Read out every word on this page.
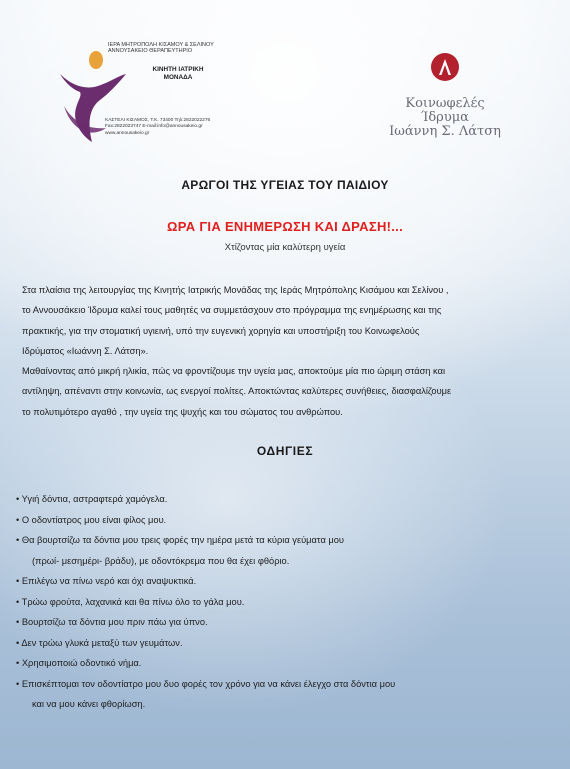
ΙΕΡΑ ΜΗΤΡΟΠΟΛΗ ΚΙΣΑΜΟΥ & ΣΕΛΙΝΟΥ
ΑΝΝΟΥΣΑΚΕΙΟ ΘΕΡΑΠΕΥΤΗΡΙΟ
ΚΙΝΗΤΗ ΙΑΤΡΙΚΗ
ΜΟΝΑΔΑ
ΚΑΣΤΕΛΙ ΚΙΣΑΜΟΣ, Τ.Κ. 73400 Τηλ:2822022276
Fax:2822023747 E-mail:info@annousakeio.gr
www.annousakeio.gr
Κοινωφελές Ίδρυμα
Ιωάννη Σ. Λάτση
ΑΡΩΓΟΙ ΤΗΣ ΥΓΕΙΑΣ ΤΟΥ ΠΑΙΔΙΟΥ
ΩΡΑ ΓΙΑ ΕΝΗΜΕΡΩΣΗ ΚΑΙ ΔΡΑΣΗ!...
Χτίζοντας μία καλύτερη υγεία

Στα πλαίσια της λειτουργίας της Κινητής Ιατρικής Μονάδας της Ιεράς Μητρόπολης Κισάμου και Σελίνου ,

το Αννουσάκειο Ίδρυμα καλεί τους μαθητές να συμμετάσχουν στο πρόγραμμα της ενημέρωσης και της

πρακτικής, για την στοματική υγιεινή, υπό την ευγενική χορηγία και υποστήριξη του Κοινωφελούς

Ιδρύματος «Ιωάννη Σ. Λάτση».

Μαθαίνοντας από μικρή ηλικία, πώς να φροντίζουμε την υγεία μας, αποκτούμε μία πιο ώριμη στάση και

αντίληψη, απέναντι στην κοινωνία, ως ενεργοί πολίτες. Αποκτώντας καλύτερες συνήθειες, διασφαλίζουμε

το πολυτιμότερο αγαθό , την υγεία της ψυχής και του σώματος του ανθρώπου.

ΟΔΗΓΙΕΣ
• Υγιή δόντια, αστραφτερά χαμόγελα.
• Ο οδοντίατρος μου είναι φίλος μου.
• Θα βουρτσίζω τα δόντια μου τρεις φορές την ημέρα μετά τα κύρια γεύματα μου
(πρωί- μεσημέρι- βράδυ), με οδοντόκρεμα που θα έχει φθόριο.
• Επιλέγω να πίνω νερό και όχι αναψυκτικά.
• Τρώω φρούτα, λαχανικά και θα πίνω όλο το γάλα μου.
• Βουρτσίζω τα δόντια μου πριν πάω για ύπνο.
• Δεν τρώω γλυκά μεταξύ των γευμάτων.
• Χρησιμοποιώ οδοντικό νήμα.
• Επισκέπτομαι τον οδοντίατρο μου δυο φορές τον χρόνο για να κάνει έλεγχο στα δόντια μου
και να μου κάνει φθορίωση.
